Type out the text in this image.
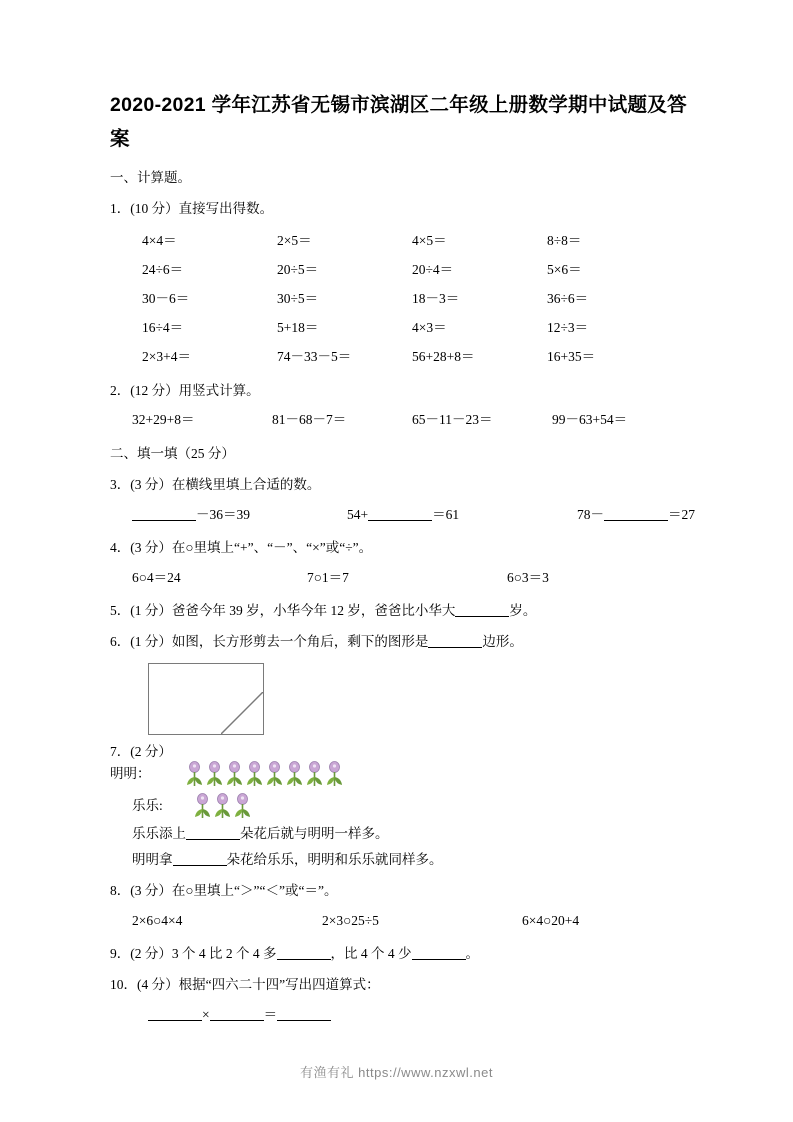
2020-2021 学年江苏省无锡市滨湖区二年级上册数学期中试题及答案
一、计算题。
1．(10 分）直接写出得数。
4×4＝	2×5＝	4×5＝	8÷8＝
24÷6＝	20÷5＝	20÷4＝	5×6＝
30－6＝	30÷5＝	18－3＝	36÷6＝
16÷4＝	5+18＝	4×3＝	12÷3＝
2×3+4＝	74－33－5＝	56+28+8＝	16+35＝
2．(12 分）用竖式计算。
32+29+8＝	81－68－7＝	65－11－23＝	99－63+54＝
二、填一填（25 分）
3．(3 分）在横线里填上合适的数。
－36＝39	54+	＝61	78－	＝27
4．(3 分）在○里填上“+”、“－”、“×”或“÷”。
6○4＝24	7○1＝7	6○3＝3
5．(1 分）爸爸今年 39 岁，小华今年 12 岁，爸爸比小华大	岁。
6．(1 分）如图，长方形剪去一个角后，剩下的图形是	边形。
7．(2 分）明明：
乐乐:
乐乐添上	朵花后就与明明一样多。
明明拿	朵花给乐乐，明明和乐乐就同样多。
8．(3 分）在○里填上“＞”“＜”或“＝”。
2×6○4×4	2×3○25÷5	6×4○20+4
9．(2 分）3 个 4 比 2 个 4 多	，比 4 个 4 少	。
10．(4 分）根据“四六二十四”写出四道算式：
×	＝
有渔有礼 https://www.nzxwl.net
